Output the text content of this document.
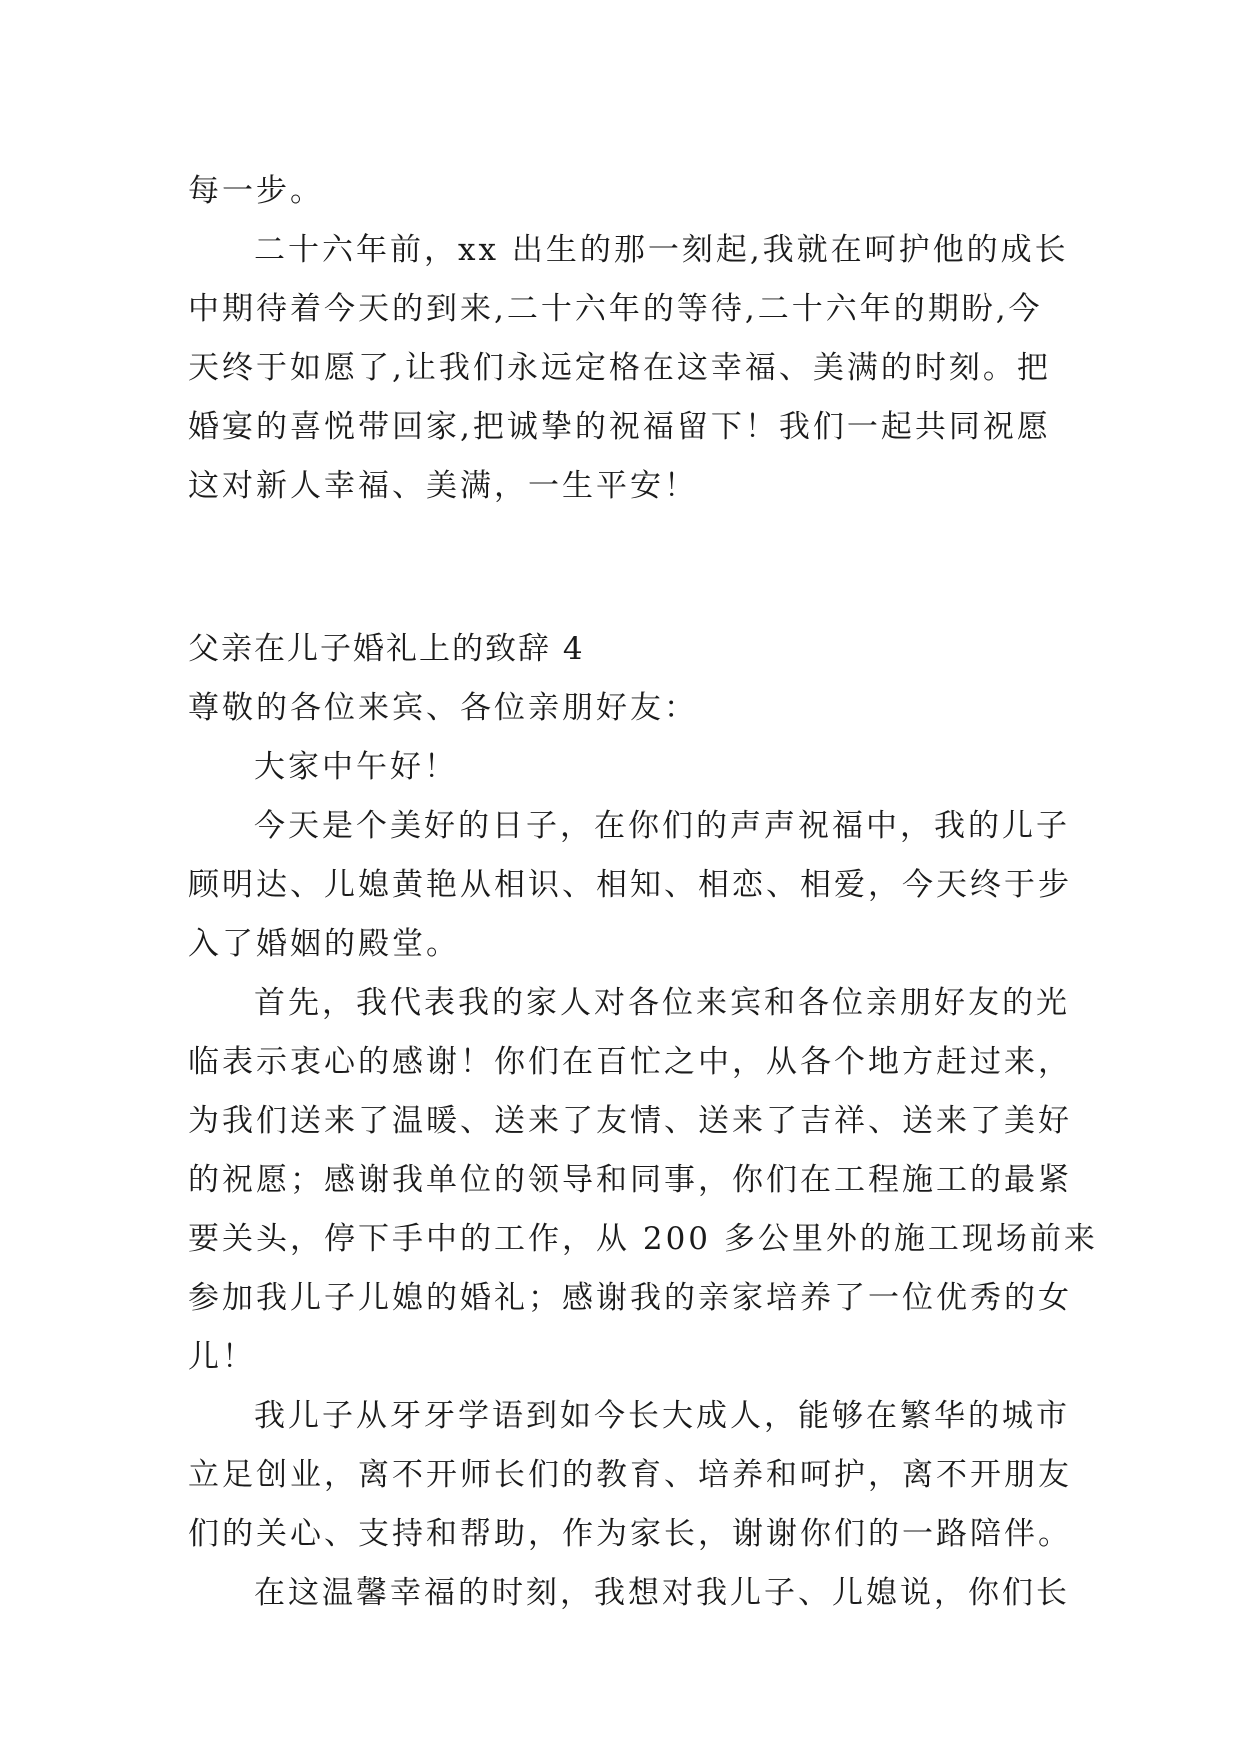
每一步。
二十六年前，xx 出生的那一刻起,我就在呵护他的成长
中期待着今天的到来,二十六年的等待,二十六年的期盼,今
天终于如愿了,让我们永远定格在这幸福、美满的时刻。把
婚宴的喜悦带回家,把诚挚的祝福留下！我们一起共同祝愿
这对新人幸福、美满，一生平安！
父亲在儿子婚礼上的致辞 4
尊敬的各位来宾、各位亲朋好友：
大家中午好！
今天是个美好的日子，在你们的声声祝福中，我的儿子
顾明达、儿媳黄艳从相识、相知、相恋、相爱，今天终于步
入了婚姻的殿堂。
首先，我代表我的家人对各位来宾和各位亲朋好友的光
临表示衷心的感谢！你们在百忙之中，从各个地方赶过来，
为我们送来了温暖、送来了友情、送来了吉祥、送来了美好
的祝愿；感谢我单位的领导和同事，你们在工程施工的最紧
要关头，停下手中的工作，从 200 多公里外的施工现场前来
参加我儿子儿媳的婚礼；感谢我的亲家培养了一位优秀的女
儿！
我儿子从牙牙学语到如今长大成人，能够在繁华的城市
立足创业，离不开师长们的教育、培养和呵护，离不开朋友
们的关心、支持和帮助，作为家长，谢谢你们的一路陪伴。
在这温馨幸福的时刻，我想对我儿子、儿媳说，你们长
